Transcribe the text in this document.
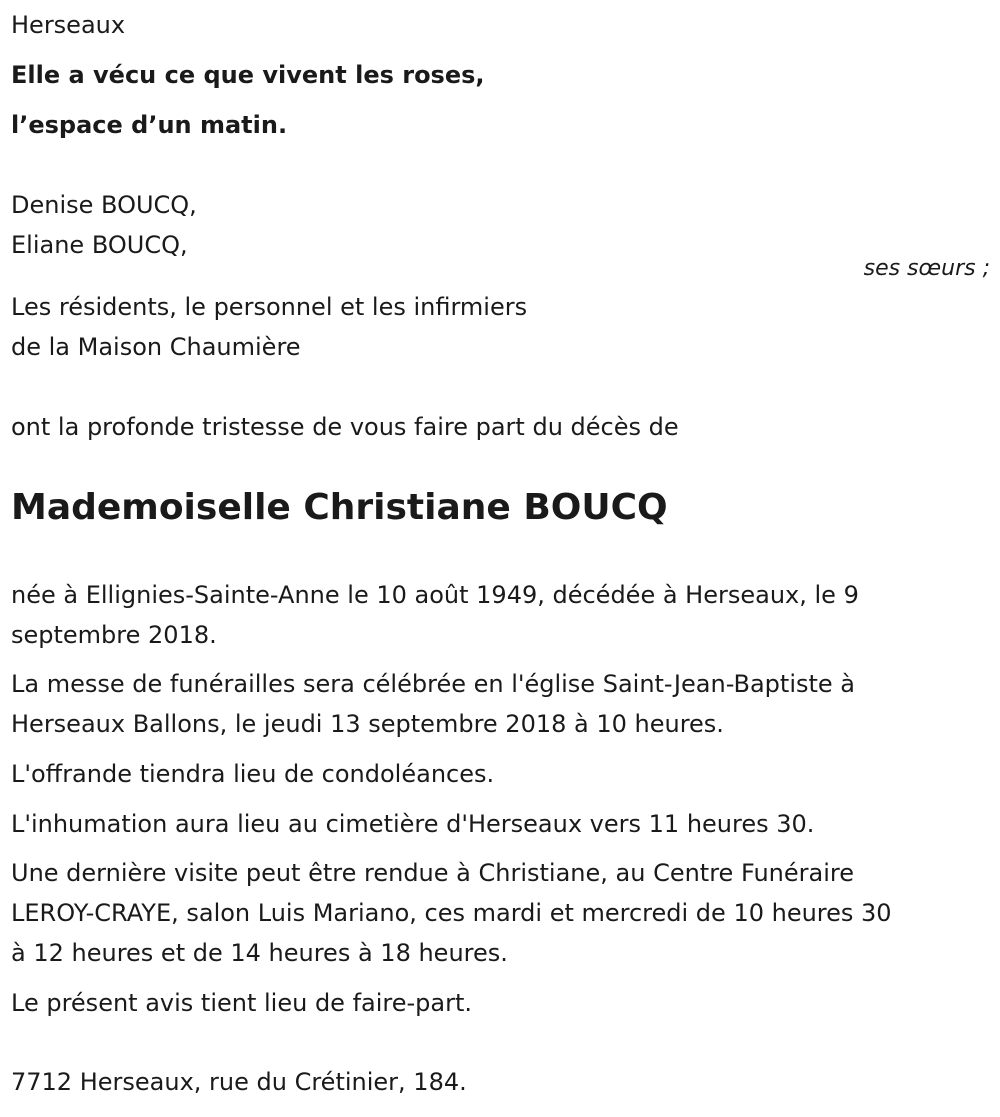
Herseaux
Elle a vécu ce que vivent les roses,
l’espace d’un matin.
Denise BOUCQ,
Eliane BOUCQ,
ses sœurs ;
Les résidents, le personnel et les infirmiers
de la Maison Chaumière
ont la profonde tristesse de vous faire part du décès de
Mademoiselle Christiane BOUCQ
née à Ellignies-Sainte-Anne le 10 août 1949, décédée à Herseaux, le 9
septembre 2018.
La messe de funérailles sera célébrée en l'église Saint-Jean-Baptiste à
Herseaux Ballons, le jeudi 13 septembre 2018 à 10 heures.
L'offrande tiendra lieu de condoléances.
L'inhumation aura lieu au cimetière d'Herseaux vers 11 heures 30.
Une dernière visite peut être rendue à Christiane, au Centre Funéraire
LEROY-CRAYE, salon Luis Mariano, ces mardi et mercredi de 10 heures 30
à 12 heures et de 14 heures à 18 heures.
Le présent avis tient lieu de faire-part.
7712 Herseaux, rue du Crétinier, 184.
